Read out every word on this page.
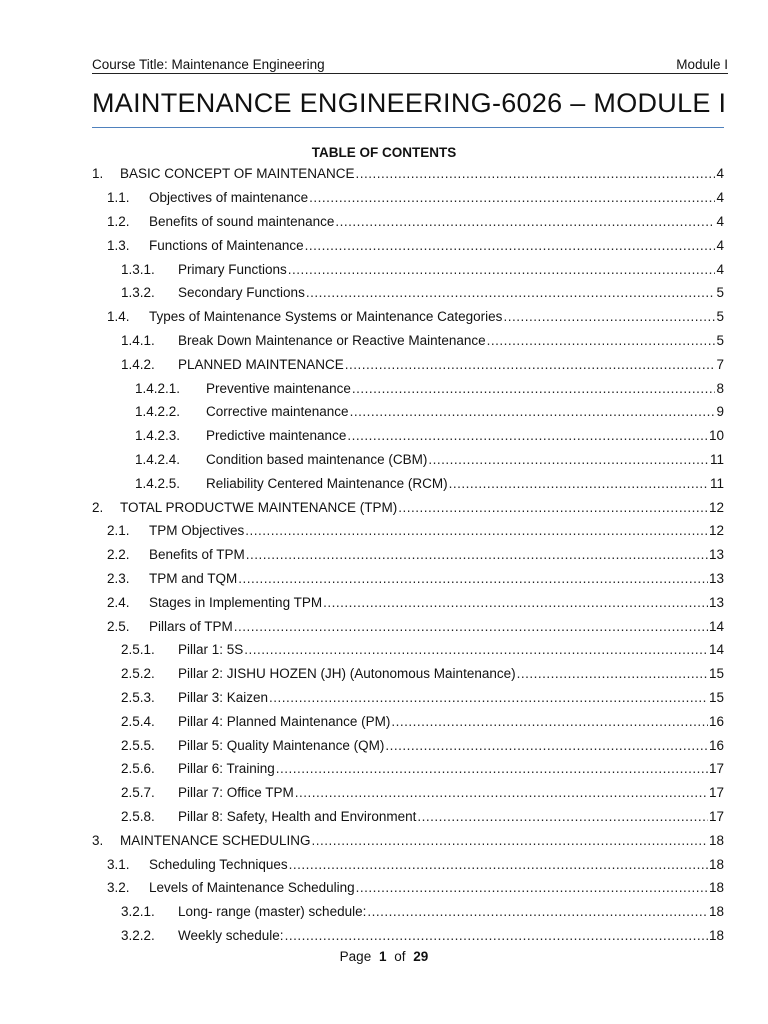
Course Title: Maintenance Engineering	Module I
MAINTENANCE ENGINEERING-6026 – MODULE I
TABLE OF CONTENTS
1.	BASIC CONCEPT OF MAINTENANCE .....	4
1.1.	Objectives of maintenance .....	4
1.2.	Benefits of sound maintenance .....	4
1.3.	Functions of Maintenance .....	4
1.3.1.	Primary Functions .....	4
1.3.2.	Secondary Functions .....	5
1.4.	Types of Maintenance Systems or Maintenance Categories .....	5
1.4.1.	Break Down Maintenance or Reactive Maintenance .....	5
1.4.2.	PLANNED MAINTENANCE .....	7
1.4.2.1.	Preventive maintenance .....	8
1.4.2.2.	Corrective maintenance .....	9
1.4.2.3.	Predictive maintenance .....	10
1.4.2.4.	Condition based maintenance (CBM) .....	11
1.4.2.5.	Reliability Centered Maintenance (RCM) .....	11
2.	TOTAL PRODUCTWE MAINTENANCE (TPM) .....	12
2.1.	TPM Objectives .....	12
2.2.	Benefits of TPM .....	13
2.3.	TPM and TQM .....	13
2.4.	Stages in Implementing TPM .....	13
2.5.	Pillars of TPM .....	14
2.5.1.	Pillar 1: 5S .....	14
2.5.2.	Pillar 2: JISHU HOZEN (JH) (Autonomous Maintenance) .....	15
2.5.3.	Pillar 3: Kaizen .....	15
2.5.4.	Pillar 4: Planned Maintenance (PM) .....	16
2.5.5.	Pillar 5: Quality Maintenance (QM) .....	16
2.5.6.	Pillar 6: Training .....	17
2.5.7.	Pillar 7: Office TPM .....	17
2.5.8.	Pillar 8: Safety, Health and Environment .....	17
3.	MAINTENANCE SCHEDULING .....	18
3.1.	Scheduling Techniques .....	18
3.2.	Levels of Maintenance Scheduling .....	18
3.2.1.	Long- range (master) schedule: .....	18
3.2.2.	Weekly schedule: .....	18
Page 1 of 29
